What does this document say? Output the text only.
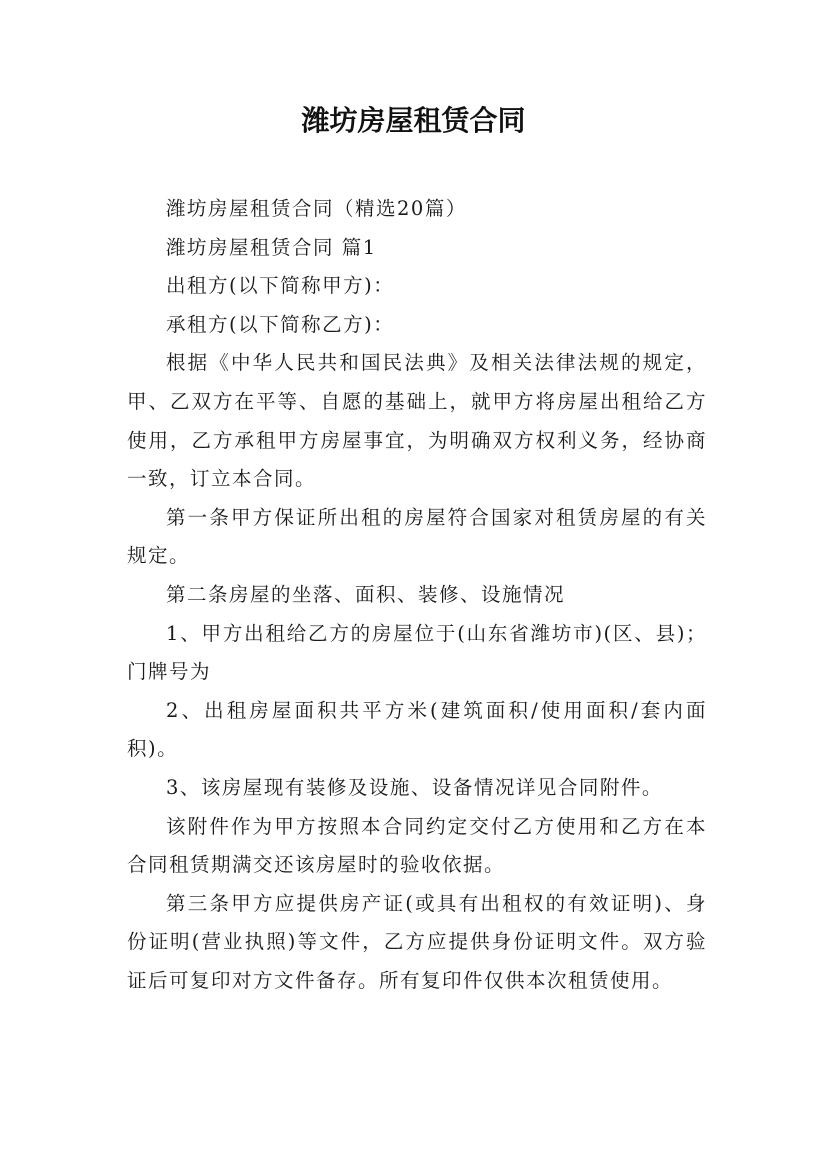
潍坊房屋租赁合同

潍坊房屋租赁合同（精选20篇）

潍坊房屋租赁合同 篇1

出租方(以下简称甲方)：

承租方(以下简称乙方)：

根据《中华人民共和国民法典》及相关法律法规的规定，甲、乙双方在平等、自愿的基础上，就甲方将房屋出租给乙方使用，乙方承租甲方房屋事宜，为明确双方权利义务，经协商一致，订立本合同。

第一条甲方保证所出租的房屋符合国家对租赁房屋的有关规定。

第二条房屋的坐落、面积、装修、设施情况

1、甲方出租给乙方的房屋位于(山东省潍坊市)(区、县)；门牌号为

2、出租房屋面积共平方米(建筑面积/使用面积/套内面积)。

3、该房屋现有装修及设施、设备情况详见合同附件。

该附件作为甲方按照本合同约定交付乙方使用和乙方在本合同租赁期满交还该房屋时的验收依据。

第三条甲方应提供房产证(或具有出租权的有效证明)、身份证明(营业执照)等文件，乙方应提供身份证明文件。双方验证后可复印对方文件备存。所有复印件仅供本次租赁使用。
